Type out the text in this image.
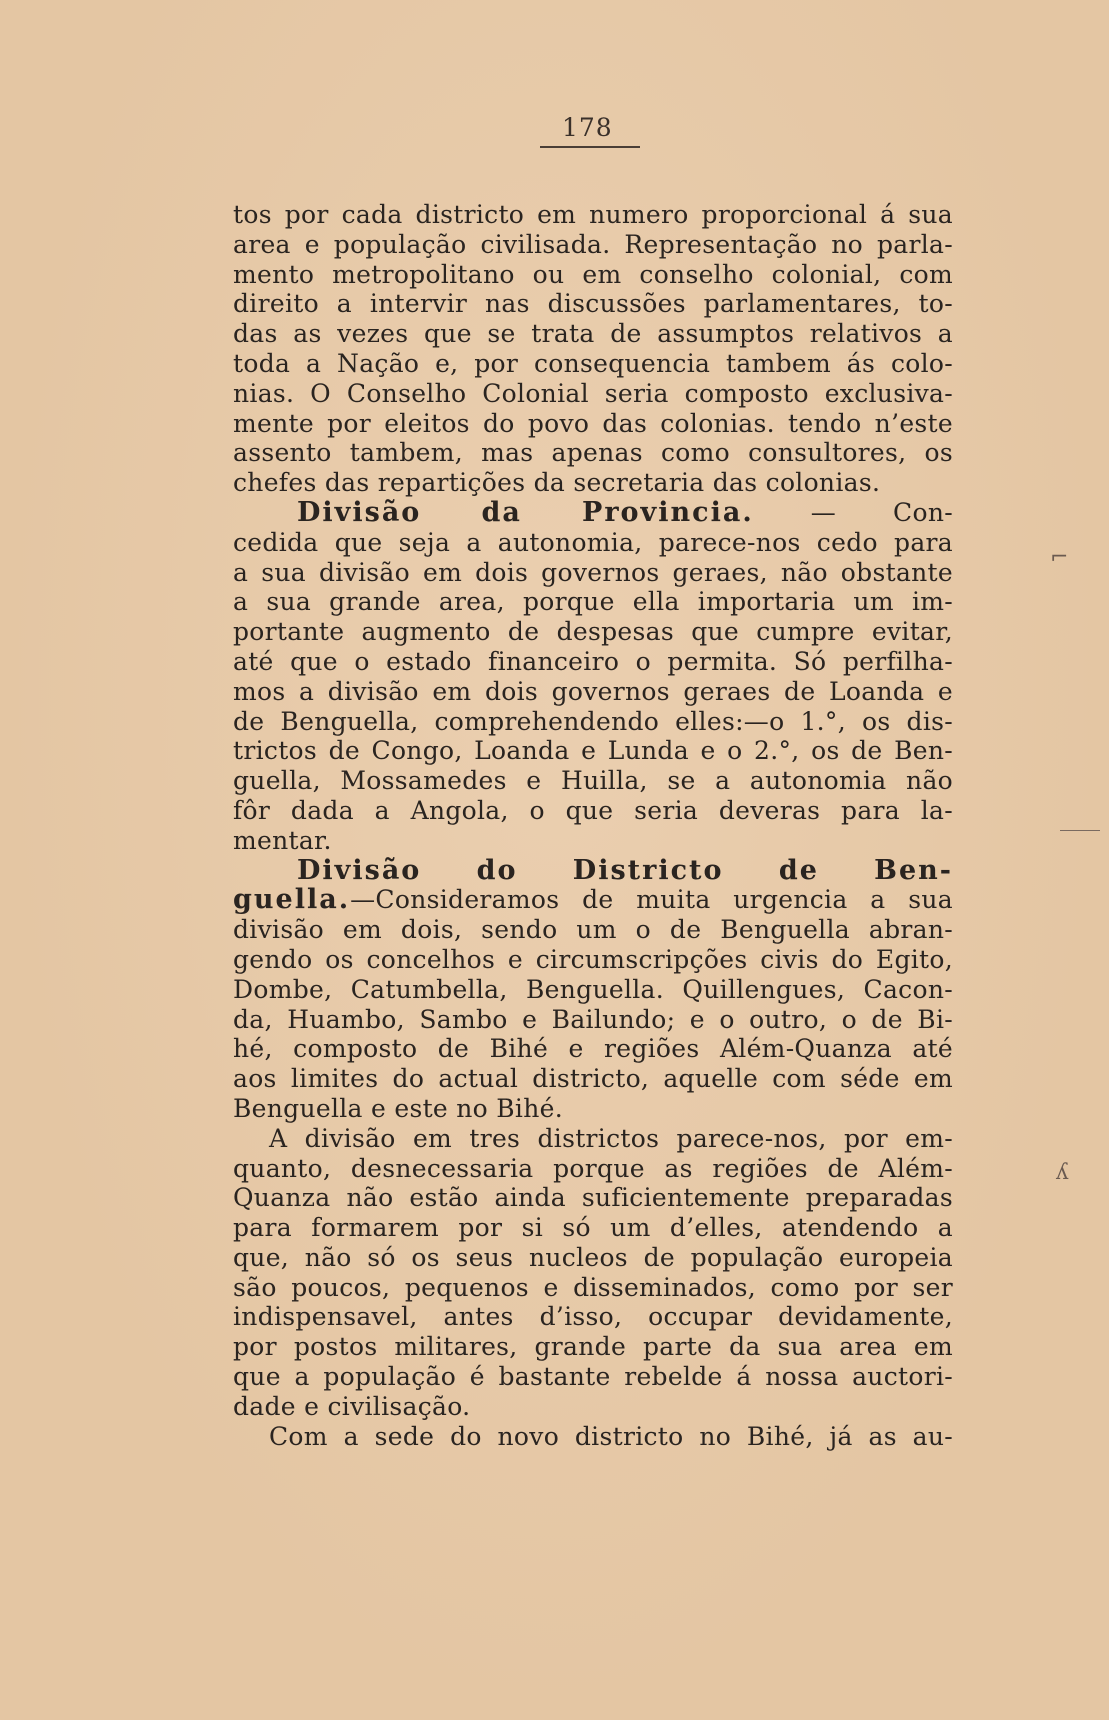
178
tos por cada districto em numero proporcional á sua
area e população civilisada. Representação no parla-
mento metropolitano ou em conselho colonial, com
direito a intervir nas discussões parlamentares, to-
das as vezes que se trata de assumptos relativos a
toda a Nação e, por consequencia tambem ás colo-
nias. O Conselho Colonial seria composto exclusiva-
mente por eleitos do povo das colonias. tendo n’este
assento tambem, mas apenas como consultores, os
chefes das repartições da secretaria das colonias.
Divisão da Provincia. — Con-
cedida que seja a autonomia, parece-nos cedo para
a sua divisão em dois governos geraes, não obstante
a sua grande area, porque ella importaria um im-
portante augmento de despesas que cumpre evitar,
até que o estado financeiro o permita. Só perfilha-
mos a divisão em dois governos geraes de Loanda e
de Benguella, comprehendendo elles:—o 1.°, os dis-
trictos de Congo, Loanda e Lunda e o 2.°, os de Ben-
guella, Mossamedes e Huilla, se a autonomia não
fôr dada a Angola, o que seria deveras para la-
mentar.
Divisão do Districto de Ben-
guella.—Consideramos de muita urgencia a sua
divisão em dois, sendo um o de Benguella abran-
gendo os concelhos e circumscripções civis do Egito,
Dombe, Catumbella, Benguella. Quillengues, Cacon-
da, Huambo, Sambo e Bailundo; e o outro, o de Bi-
hé, composto de Bihé e regiões Além-Quanza até
aos limites do actual districto, aquelle com séde em
Benguella e este no Bihé.
A divisão em tres districtos parece-nos, por em-
quanto, desnecessaria porque as regiões de Além-
Quanza não estão ainda suficientemente preparadas
para formarem por si só um d’elles, atendendo a
que, não só os seus nucleos de população europeia
são poucos, pequenos e disseminados, como por ser
indispensavel, antes d’isso, occupar devidamente,
por postos militares, grande parte da sua area em
que a população é bastante rebelde á nossa auctori-
dade e civilisação.
Com a sede do novo districto no Bihé, já as au-
⌐
ʎ
